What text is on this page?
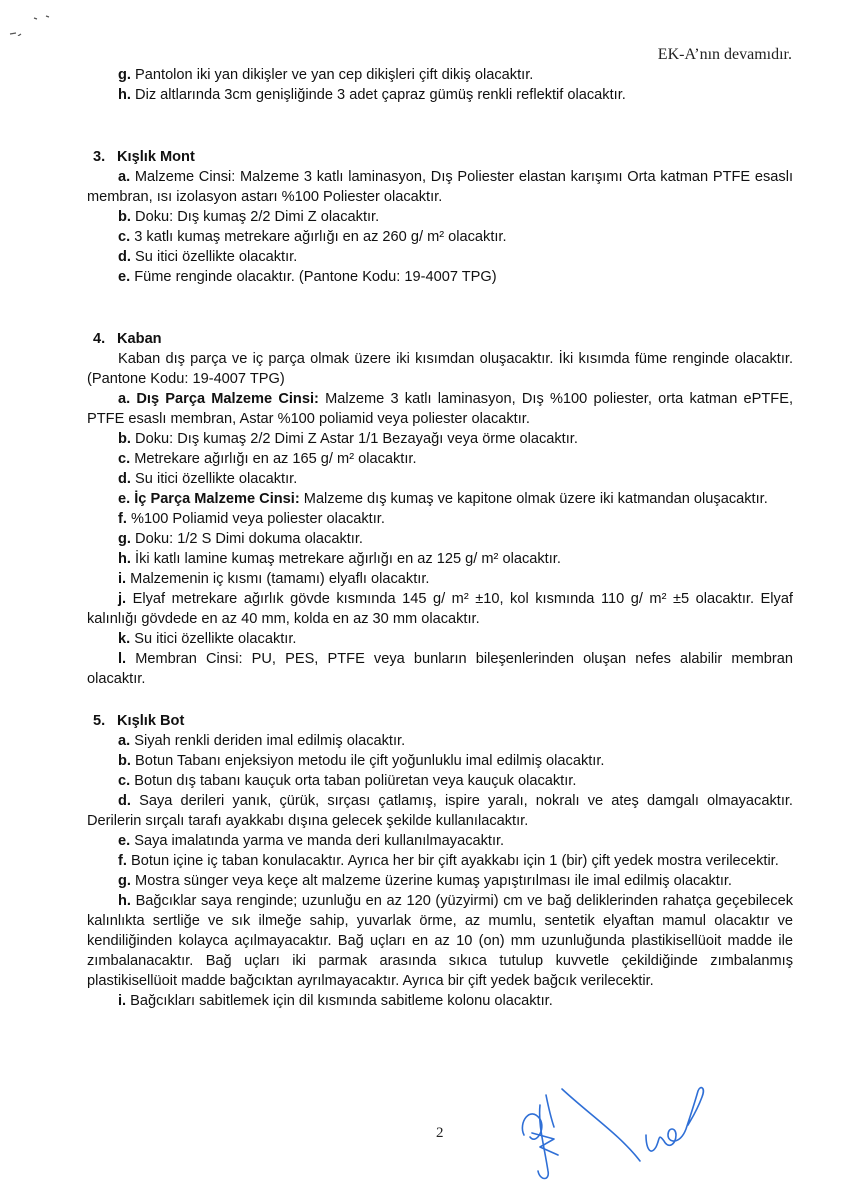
EK-A’nın devamıdır.
g. Pantolon iki yan dikişler ve yan cep dikişleri çift dikiş olacaktır.
h. Diz altlarında 3cm genişliğinde 3 adet çapraz gümüş renkli reflektif olacaktır.
3. Kışlık Mont
a. Malzeme Cinsi: Malzeme 3 katlı laminasyon, Dış Poliester elastan karışımı Orta katman PTFE esaslı membran, ısı izolasyon astarı %100 Poliester olacaktır.
b. Doku: Dış kumaş 2/2 Dimi Z olacaktır.
c. 3 katlı kumaş metrekare ağırlığı en az 260 g/ m² olacaktır.
d. Su itici özellikte olacaktır.
e. Füme renginde olacaktır. (Pantone Kodu: 19-4007 TPG)
4. Kaban
Kaban dış parça ve iç parça olmak üzere iki kısımdan oluşacaktır. İki kısımda füme renginde olacaktır. (Pantone Kodu: 19-4007 TPG)
a. Dış Parça Malzeme Cinsi: Malzeme 3 katlı laminasyon, Dış %100 poliester, orta katman ePTFE, PTFE esaslı membran, Astar %100 poliamid veya poliester olacaktır.
b. Doku: Dış kumaş 2/2 Dimi Z Astar 1/1 Bezayağı veya örme olacaktır.
c. Metrekare ağırlığı en az 165 g/ m² olacaktır.
d. Su itici özellikte olacaktır.
e. İç Parça Malzeme Cinsi: Malzeme dış kumaş ve kapitone olmak üzere iki katmandan oluşacaktır.
f. %100 Poliamid veya poliester olacaktır.
g. Doku: 1/2 S Dimi dokuma olacaktır.
h. İki katlı lamine kumaş metrekare ağırlığı en az 125 g/ m² olacaktır.
i. Malzemenin iç kısmı (tamamı) elyaflı olacaktır.
j. Elyaf metrekare ağırlık gövde kısmında 145 g/ m² ±10, kol kısmında 110 g/ m² ±5 olacaktır. Elyaf kalınlığı gövdede en az 40 mm, kolda en az 30 mm olacaktır.
k. Su itici özellikte olacaktır.
l. Membran Cinsi: PU, PES, PTFE veya bunların bileşenlerinden oluşan nefes alabilir membran olacaktır.
5. Kışlık Bot
a. Siyah renkli deriden imal edilmiş olacaktır.
b. Botun Tabanı enjeksiyon metodu ile çift yoğunluklu imal edilmiş olacaktır.
c. Botun dış tabanı kauçuk orta taban poliüretan veya kauçuk olacaktır.
d. Saya derileri yanık, çürük, sırçası çatlamış, ispire yaralı, nokralı ve ateş damgalı olmayacaktır. Derilerin sırçalı tarafı ayakkabı dışına gelecek şekilde kullanılacaktır.
e. Saya imalatında yarma ve manda deri kullanılmayacaktır.
f. Botun içine iç taban konulacaktır. Ayrıca her bir çift ayakkabı için 1 (bir) çift yedek mostra verilecektir.
g. Mostra sünger veya keçe alt malzeme üzerine kumaş yapıştırılması ile imal edilmiş olacaktır.
h. Bağcıklar saya renginde; uzunluğu en az 120 (yüzyirmi) cm ve bağ deliklerinden rahatça geçebilecek kalınlıkta sertliğe ve sık ilmeğe sahip, yuvarlak örme, az mumlu, sentetik elyaftan mamul olacaktır ve kendiliğinden kolayca açılmayacaktır. Bağ uçları en az 10 (on) mm uzunluğunda plastikisellüoit madde ile zımbalanacaktır. Bağ uçları iki parmak arasında sıkıca tutulup kuvvetle çekildiğinde zımbalanmış plastikisellüoit madde bağcıktan ayrılmayacaktır. Ayrıca bir çift yedek bağcık verilecektir.
i. Bağcıkları sabitlemek için dil kısmında sabitleme kolonu olacaktır.
2
